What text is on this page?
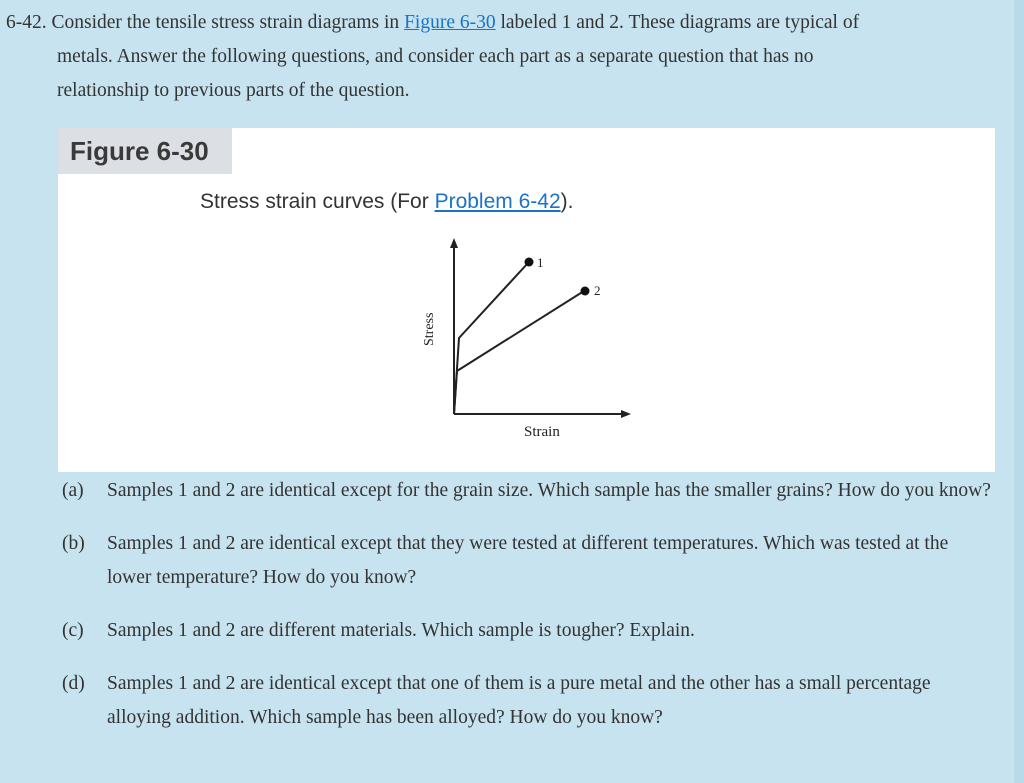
6-42. Consider the tensile stress strain diagrams in Figure 6-30 labeled 1 and 2. These diagrams are typical of
metals. Answer the following questions, and consider each part as a separate question that has no
relationship to previous parts of the question.
Figure 6-30
Stress strain curves (For Problem 6-42).
1
2
Strain
Stress
(a)	Samples 1 and 2 are identical except for the grain size. Which sample has the smaller grains? How do you know?
(b)	Samples 1 and 2 are identical except that they were tested at different temperatures. Which was tested at the lower temperature? How do you know?
(c)	Samples 1 and 2 are different materials. Which sample is tougher? Explain.
(d)	Samples 1 and 2 are identical except that one of them is a pure metal and the other has a small percentage alloying addition. Which sample has been alloyed? How do you know?
